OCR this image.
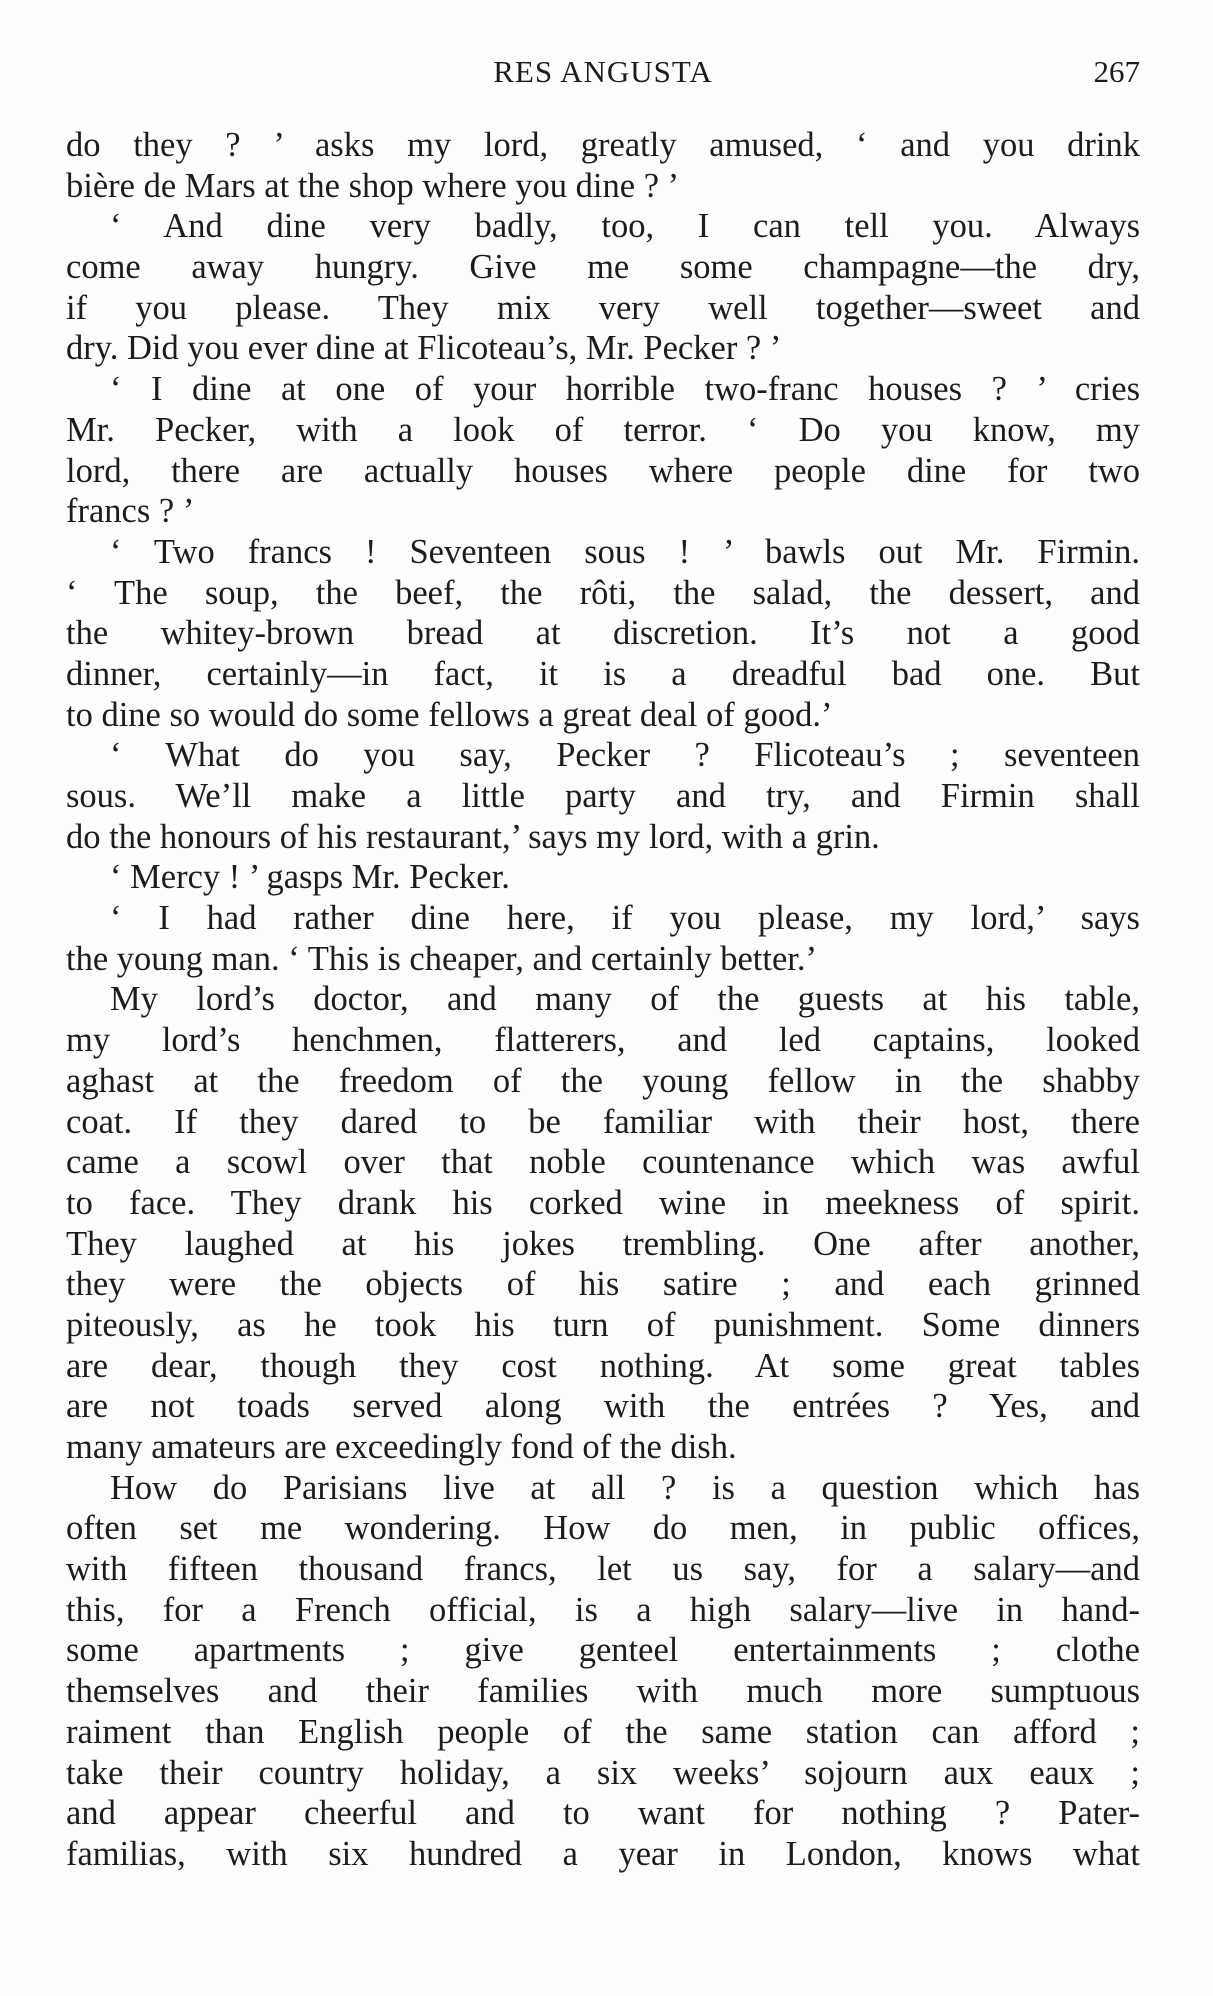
RES ANGUSTA	267
do they ? ’ asks my lord, greatly amused, ‘ and you drink
bière de Mars at the shop where you dine ? ’
‘ And dine very badly, too, I can tell you. Always
come away hungry. Give me some champagne—the dry,
if you please. They mix very well together—sweet and
dry. Did you ever dine at Flicoteau’s, Mr. Pecker ? ’
‘ I dine at one of your horrible two-franc houses ? ’ cries
Mr. Pecker, with a look of terror. ‘ Do you know, my
lord, there are actually houses where people dine for two
francs ? ’
‘ Two francs ! Seventeen sous ! ’ bawls out Mr. Firmin.
‘ The soup, the beef, the rôti, the salad, the dessert, and
the whitey-brown bread at discretion. It’s not a good
dinner, certainly—in fact, it is a dreadful bad one. But
to dine so would do some fellows a great deal of good.’
‘ What do you say, Pecker ? Flicoteau’s ; seventeen
sous. We’ll make a little party and try, and Firmin shall
do the honours of his restaurant,’ says my lord, with a grin.
‘ Mercy ! ’ gasps Mr. Pecker.
‘ I had rather dine here, if you please, my lord,’ says
the young man. ‘ This is cheaper, and certainly better.’
My lord’s doctor, and many of the guests at his table,
my lord’s henchmen, flatterers, and led captains, looked
aghast at the freedom of the young fellow in the shabby
coat. If they dared to be familiar with their host, there
came a scowl over that noble countenance which was awful
to face. They drank his corked wine in meekness of spirit.
They laughed at his jokes trembling. One after another,
they were the objects of his satire ; and each grinned
piteously, as he took his turn of punishment. Some dinners
are dear, though they cost nothing. At some great tables
are not toads served along with the entrées ? Yes, and
many amateurs are exceedingly fond of the dish.
How do Parisians live at all ? is a question which has
often set me wondering. How do men, in public offices,
with fifteen thousand francs, let us say, for a salary—and
this, for a French official, is a high salary—live in hand-
some apartments ; give genteel entertainments ; clothe
themselves and their families with much more sumptuous
raiment than English people of the same station can afford ;
take their country holiday, a six weeks’ sojourn aux eaux ;
and appear cheerful and to want for nothing ? Pater-
familias, with six hundred a year in London, knows what
